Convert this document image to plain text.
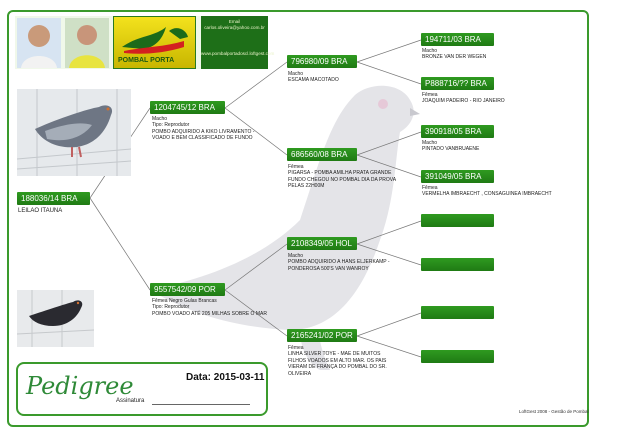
POMBAL PORTA
Email
carlos.oliveira@yahoo.com.br
www.pombalportadoscl.loftgest.com
188036/14 BRA
LEILAO ITAUNA
1204745/12 BRA
Macho
Tipo: Reprodutor
POMBO ADQUIRIDO A KIKO LIVRAMENTO -
VOADO E BEM CLASSIFICADO DE FUNDO
9557542/09 POR
Fêmea Negro Gulas Brancas
Tipo: Reprodutor
POMBO VOADO ATÉ 205 MILHAS SOBRE O MAR
796980/09 BRA
Macho
ESCAMA MACOTADO
686560/08 BRA
Fêmea
PIGARSA - POMBA AMILHA PRATA GRANDE
FUNDO CHEGOU NO POMBAL DIA DA PROVA
PELAS 22H00M
2108349/05 HOL
Macho
POMBO ADQUIRIDO A HANS ELJERKAMP -
PONDEROSA 500'S VAN WANROY
2165241/02 POR
Fêmea
LINHA SILVER TOYE - MAE DE MUITOS
FILHOS VOADOS EM ALTO MAR. OS PAIS
VIERAM DE FRANÇA DO POMBAL DO SR.
OLIVEIRA
194711/03 BRA
Macho
BRONZE VAN DER WEGEN
P888716/?? BRA
Fêmea
JOAQUIM PADEIRO - RIO JANEIRO
390918/05 BRA
Macho
PINTADO VANBRUAENE
391049/05 BRA
Fêmea
VERMELHA IMBRAECHT , CONSAGUINEA IMBRAECHT
Pedigree	Data: 2015-03-11
Assinatura
LoftGest 2008 - Gestão de Pombal
